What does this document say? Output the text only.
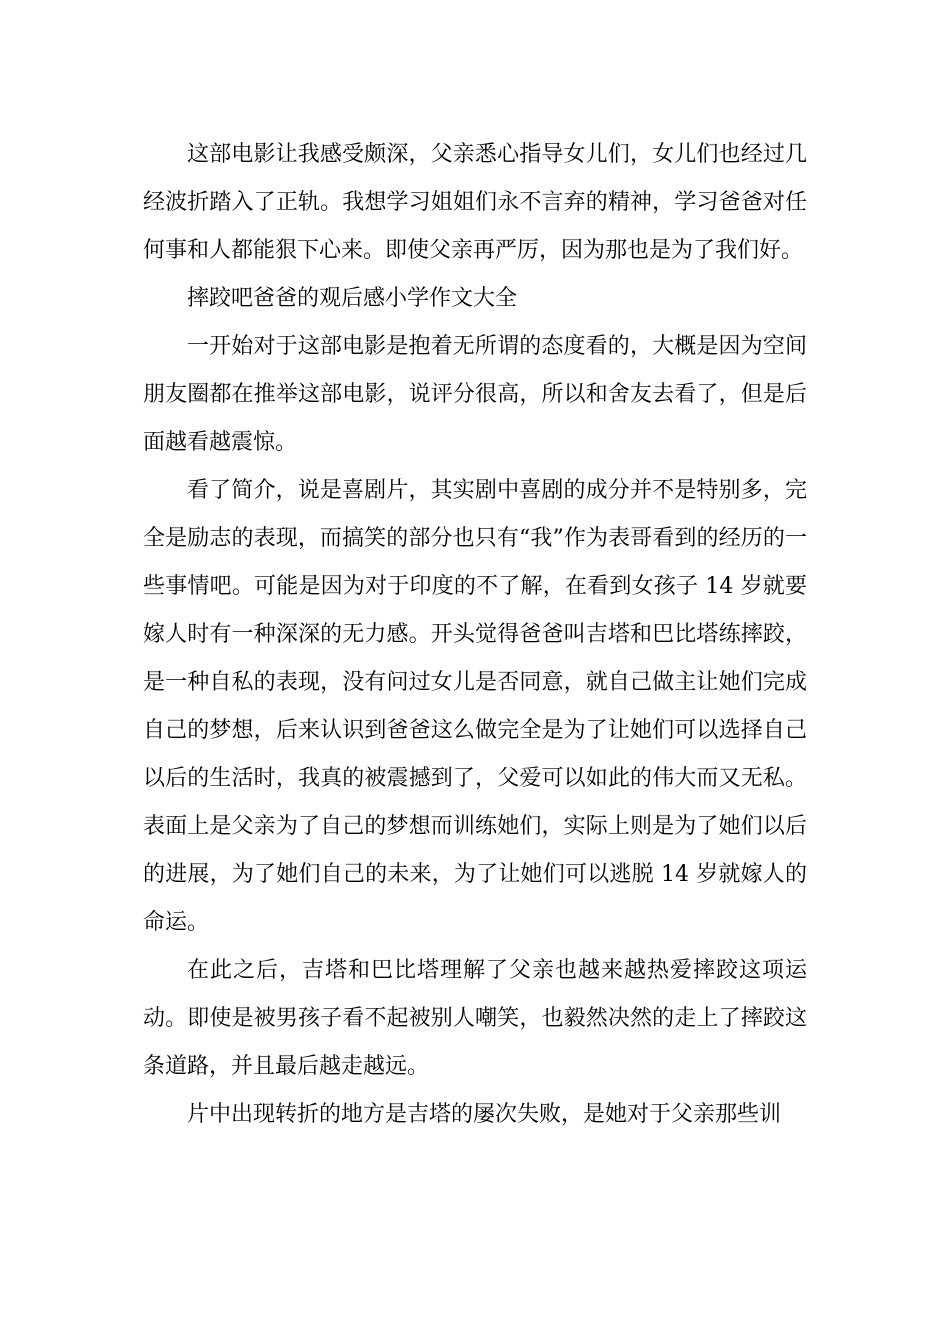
这部电影让我感受颇深，父亲悉心指导女儿们，女儿们也经过几经波折踏入了正轨。我想学习姐姐们永不言弃的精神，学习爸爸对任何事和人都能狠下心来。即使父亲再严厉，因为那也是为了我们好。

摔跤吧爸爸的观后感小学作文大全

一开始对于这部电影是抱着无所谓的态度看的，大概是因为空间朋友圈都在推举这部电影，说评分很高，所以和舍友去看了，但是后面越看越震惊。

看了简介，说是喜剧片，其实剧中喜剧的成分并不是特别多，完全是励志的表现，而搞笑的部分也只有“我”作为表哥看到的经历的一些事情吧。可能是因为对于印度的不了解，在看到女孩子 14 岁就要嫁人时有一种深深的无力感。开头觉得爸爸叫吉塔和巴比塔练摔跤，是一种自私的表现，没有问过女儿是否同意，就自己做主让她们完成自己的梦想，后来认识到爸爸这么做完全是为了让她们可以选择自己以后的生活时，我真的被震撼到了，父爱可以如此的伟大而又无私。表面上是父亲为了自己的梦想而训练她们，实际上则是为了她们以后的进展，为了她们自己的未来，为了让她们可以逃脱 14 岁就嫁人的命运。

在此之后，吉塔和巴比塔理解了父亲也越来越热爱摔跤这项运动。即使是被男孩子看不起被别人嘲笑，也毅然决然的走上了摔跤这条道路，并且最后越走越远。

片中出现转折的地方是吉塔的屡次失败，是她对于父亲那些训
